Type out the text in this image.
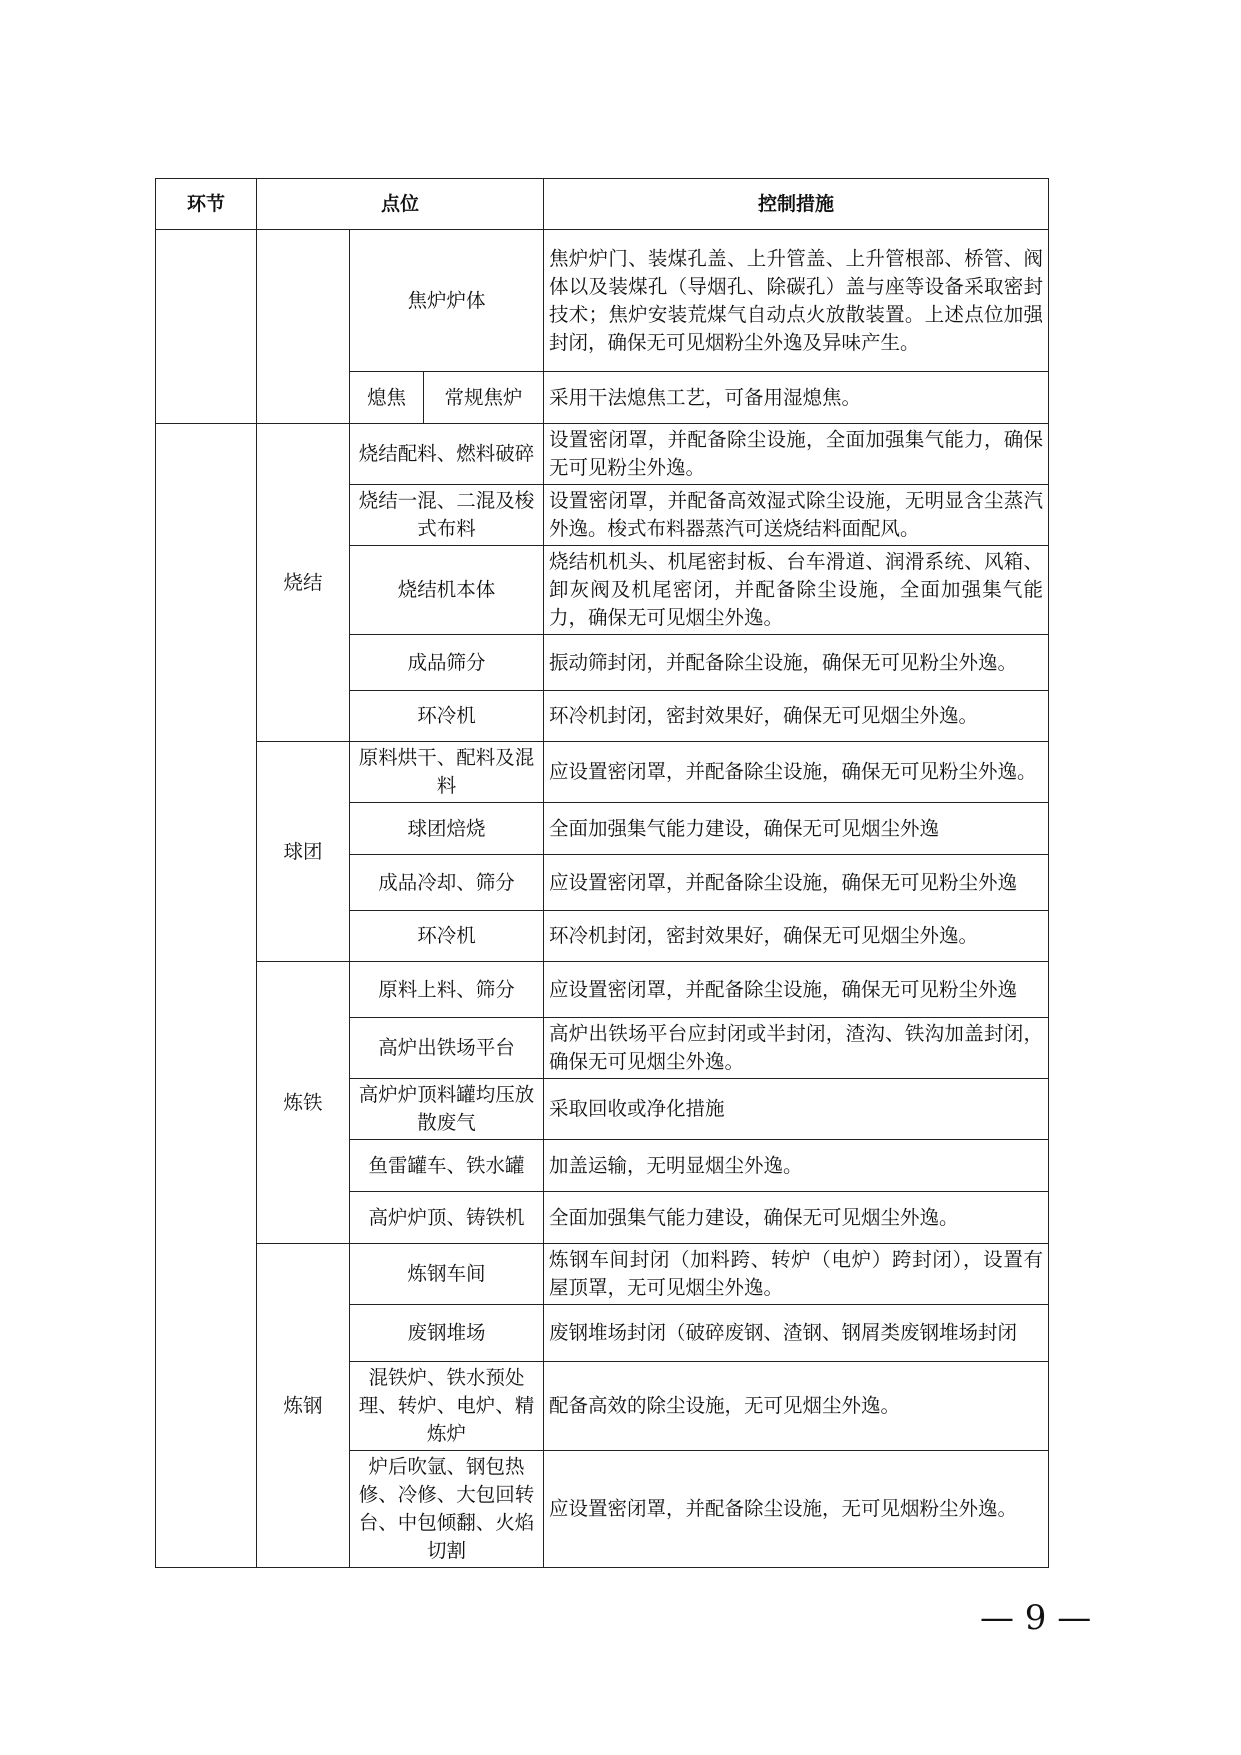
环节	点位			控制措施
		焦炉炉体		焦炉炉门、装煤孔盖、上升管盖、上升管根部、桥管、阀体以及装煤孔（导烟孔、除碳孔）盖与座等设备采取密封技术；焦炉安装荒煤气自动点火放散装置。上述点位加强封闭，确保无可见烟粉尘外逸及异味产生。
		熄焦	常规焦炉	采用干法熄焦工艺，可备用湿熄焦。
	烧结	烧结配料、燃料破碎		设置密闭罩，并配备除尘设施，全面加强集气能力，确保无可见粉尘外逸。
		烧结一混、二混及梭式布料		设置密闭罩，并配备高效湿式除尘设施，无明显含尘蒸汽外逸。梭式布料器蒸汽可送烧结料面配风。
		烧结机本体		烧结机机头、机尾密封板、台车滑道、润滑系统、风箱、卸灰阀及机尾密闭，并配备除尘设施，全面加强集气能力，确保无可见烟尘外逸。
		成品筛分		振动筛封闭，并配备除尘设施，确保无可见粉尘外逸。
		环冷机		环冷机封闭，密封效果好，确保无可见烟尘外逸。
	球团	原料烘干、配料及混料		应设置密闭罩，并配备除尘设施，确保无可见粉尘外逸。
		球团焙烧		全面加强集气能力建设，确保无可见烟尘外逸
		成品冷却、筛分		应设置密闭罩，并配备除尘设施，确保无可见粉尘外逸
		环冷机		环冷机封闭，密封效果好，确保无可见烟尘外逸。
	炼铁	原料上料、筛分		应设置密闭罩，并配备除尘设施，确保无可见粉尘外逸
		高炉出铁场平台		高炉出铁场平台应封闭或半封闭，渣沟、铁沟加盖封闭，确保无可见烟尘外逸。
		高炉炉顶料罐均压放散废气		采取回收或净化措施
		鱼雷罐车、铁水罐		加盖运输，无明显烟尘外逸。
		高炉炉顶、铸铁机		全面加强集气能力建设，确保无可见烟尘外逸。
	炼钢	炼钢车间		炼钢车间封闭（加料跨、转炉（电炉）跨封闭），设置有屋顶罩，无可见烟尘外逸。
		废钢堆场		废钢堆场封闭（破碎废钢、渣钢、钢屑类废钢堆场封闭
		混铁炉、铁水预处理、转炉、电炉、精炼炉		配备高效的除尘设施，无可见烟尘外逸。
		炉后吹氩、钢包热修、冷修、大包回转台、中包倾翻、火焰切割		应设置密闭罩，并配备除尘设施，无可见烟粉尘外逸。
— 9 —
